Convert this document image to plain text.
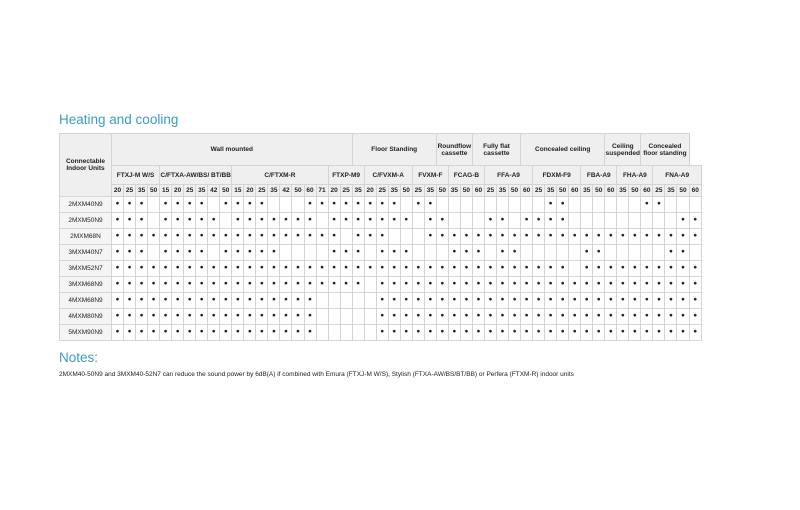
Heating and cooling
Connectable Indoor Units	Wall mounted																				Floor Standing							Roundflow cassette			Fully flat cassette				Concealed ceiling							Ceiling suspended			Concealed floor standing				
	FTXJ-M W/S				C/FTXA-AW/BS/ BT/BB						C/FTXM-R								FTXP-M9			C/FVXM-A				FVXM-F			FCAG-B			FFA-A9				FDXM-F9				FBA-A9			FHA-A9			FNA-A9			
	20	25	35	50	15	20	25	35	42	50	15	20	25	35	42	50	60	71	20	25	35	20	25	35	50	25	35	50	35	50	60	25	35	50	60	25	35	50	60	35	50	60	35	50	60	25	35	50	60
2MXM40N9	●	●	●		●	●	●	●		●	●	●	●				●	●	●	●	●	●	●	●		●	●										●	●							●	●			
2MXM50N9	●	●	●		●	●	●	●	●		●	●	●	●	●	●	●		●	●	●	●	●	●	●		●	●				●	●		●	●	●	●										●	●
2MXM68N	●	●	●	●	●	●	●	●	●	●	●	●	●	●	●	●	●	●	●		●	●	●				●	●	●	●	●	●	●	●	●	●	●	●	●	●	●	●	●	●	●	●	●	●	●
3MXM40N7	●	●	●		●	●	●	●		●	●	●	●	●					●	●	●		●	●	●				●	●	●		●	●						●	●						●	●	
3MXM52N7	●	●	●	●	●	●	●	●	●	●	●	●	●	●	●	●	●	●	●	●	●	●	●	●	●	●	●	●	●	●	●	●	●	●	●	●	●	●		●	●	●	●	●	●	●	●	●	●
3MXM68N9	●	●	●	●	●	●	●	●	●	●	●	●	●	●	●	●	●	●	●	●	●		●	●	●	●	●	●	●	●	●	●	●	●	●	●	●	●	●	●	●	●	●	●	●	●	●	●	●
4MXM68N9	●	●	●	●	●	●	●	●	●	●	●	●	●	●	●	●	●						●	●	●	●	●	●	●	●	●	●	●	●	●	●	●	●	●	●	●	●	●	●	●	●	●	●	●
4MXM80N9	●	●	●	●	●	●	●	●	●	●	●	●	●	●	●	●	●						●	●	●	●	●	●	●	●	●	●	●	●	●	●	●	●	●	●	●	●	●	●	●	●	●	●	●
5MXM90N9	●	●	●	●	●	●	●	●	●	●	●	●	●	●	●	●	●						●	●	●	●	●	●	●	●	●	●	●	●	●	●	●	●	●	●	●	●	●	●	●	●	●	●	●
Notes:
2MXM40-50N9 and 3MXM40-52N7 can reduce the sound power by 6dB(A) if combined with Emura (FTXJ-M W/S), Stylish (FTXA-AW/BS/BT/BB) or Perfera (FTXM-R) indoor units
